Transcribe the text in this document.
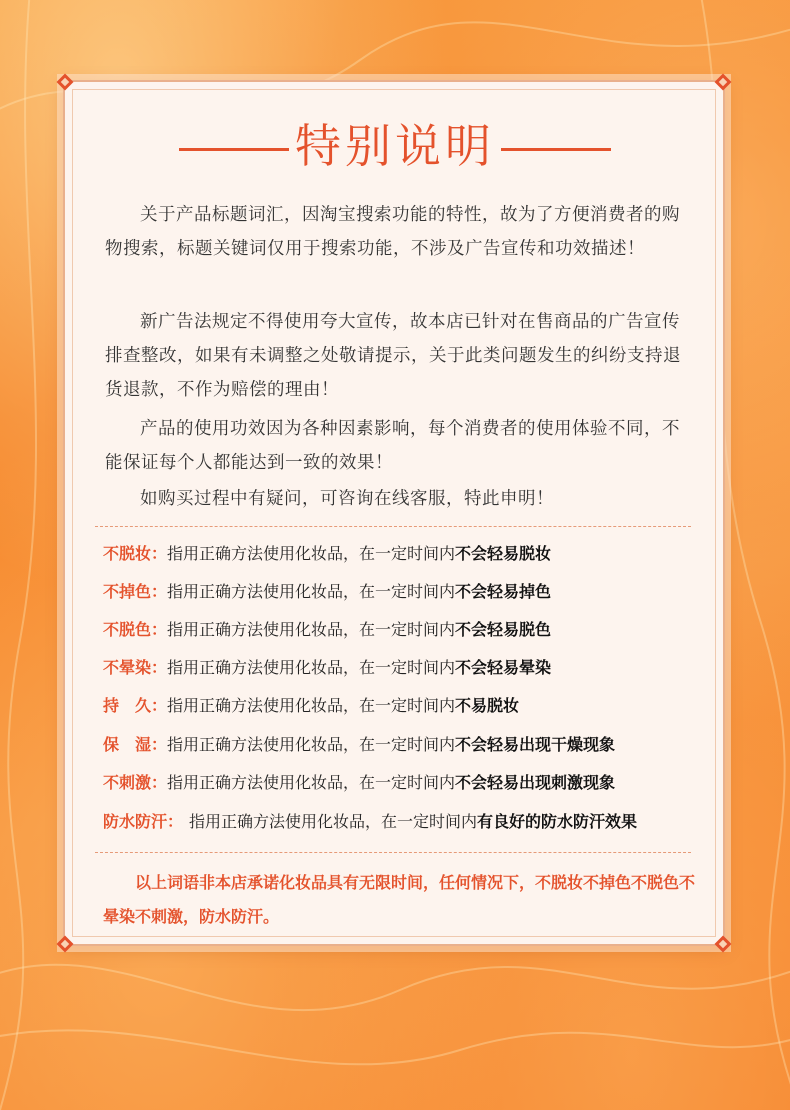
特别说明

关于产品标题词汇，因淘宝搜索功能的特性，故为了方便消费者的购物搜索，标题关键词仅用于搜索功能，不涉及广告宣传和功效描述！

新广告法规定不得使用夸大宣传，故本店已针对在售商品的广告宣传排查整改，如果有未调整之处敬请提示，关于此类问题发生的纠纷支持退货退款，不作为赔偿的理由！

产品的使用功效因为各种因素影响，每个消费者的使用体验不同，不能保证每个人都能达到一致的效果！

如购买过程中有疑问，可咨询在线客服，特此申明！

不脱妆：指用正确方法使用化妆品，在一定时间内不会轻易脱妆
不掉色：指用正确方法使用化妆品，在一定时间内不会轻易掉色
不脱色：指用正确方法使用化妆品，在一定时间内不会轻易脱色
不晕染：指用正确方法使用化妆品，在一定时间内不会轻易晕染
持　久：指用正确方法使用化妆品，在一定时间内不易脱妆
保　湿：指用正确方法使用化妆品，在一定时间内不会轻易出现干燥现象
不刺激：指用正确方法使用化妆品，在一定时间内不会轻易出现刺激现象
防水防汗： 指用正确方法使用化妆品，在一定时间内有良好的防水防汗效果

以上词语非本店承诺化妆品具有无限时间，任何情况下，不脱妆不掉色不脱色不晕染不刺激，防水防汗。
